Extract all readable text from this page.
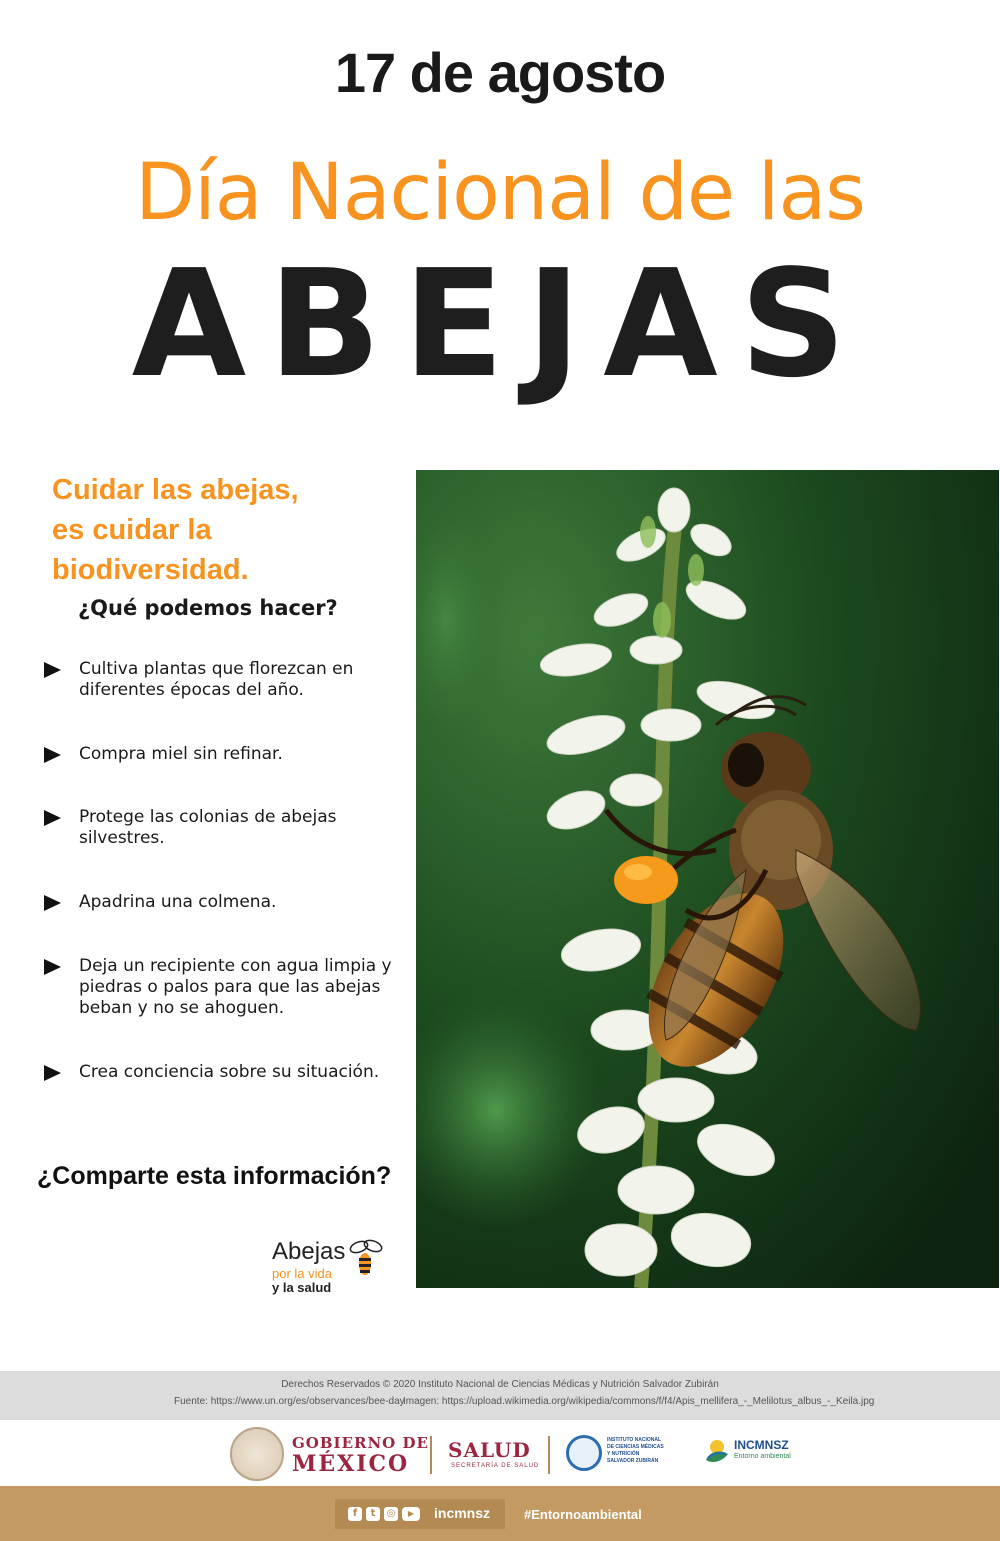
17 de agosto
Día Nacional de las
ABEJAS
Cuidar las abejas,
es cuidar la biodiversidad.
¿Qué podemos hacer?
Cultiva plantas que florezcan en diferentes épocas del año.
Compra miel sin refinar.
Protege las colonias de abejas silvestres.
Apadrina una colmena.
Deja un recipiente con agua limpia y piedras o palos para que las abejas beban y no se ahoguen.
Crea conciencia sobre su situación.
¿Comparte esta información?
Abejas
por la vida
y la salud
Derechos Reservados © 2020 Instituto Nacional de Ciencias Médicas y Nutrición Salvador Zubirán
Fuente: https://www.un.org/es/observances/bee-day
Imagen: https://upload.wikimedia.org/wikipedia/commons/f/f4/Apis_mellifera_-_Melilotus_albus_-_Keila.jpg
GOBIERNO DE
MÉXICO
SALUD
SECRETARÍA DE SALUD
INSTITUTO NACIONAL DE CIENCIAS MÉDICAS Y NUTRICIÓN SALVADOR ZUBIRÁN
INCMNSZ
Entorno ambiental
f	t	◎	▶	incmnsz	#Entornoambiental
